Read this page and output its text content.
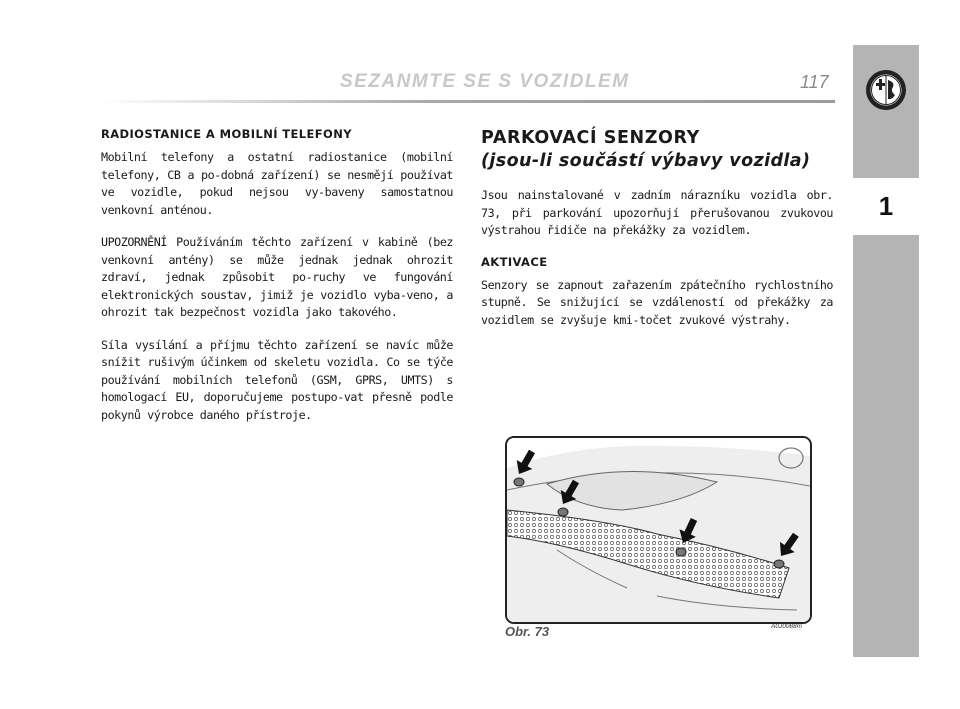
SEZANMTE SE S VOZIDLEM	117
1
RADIOSTANICE A MOBILNÍ TELEFONY

Mobilní telefony a ostatní radiostanice (mobilní telefony, CB a po-dobná zařízení) se nesmějí používat ve vozidle, pokud nejsou vy-baveny samostatnou venkovní anténou.

UPOZORNĚNÍ Používáním těchto zařízení v kabině (bez venkovní antény) se může jednak jednak ohrozit zdraví, jednak způsobit po-ruchy ve fungování elektronických soustav, jimiž je vozidlo vyba-veno, a ohrozit tak bezpečnost vozidla jako takového.

Síla vysílání a příjmu těchto zařízení se navíc může snížit rušivým účinkem od skeletu vozidla. Co se týče používání mobilních telefonů (GSM, GPRS, UMTS) s homologací EU, doporučujeme postupo-vat přesně podle pokynů výrobce daného přístroje.

PARKOVACÍ SENZORY
(jsou-li součástí výbavy vozidla)

Jsou nainstalované v zadním nárazníku vozidla obr. 73, při parkování upozorňují přerušovanou zvukovou výstrahou řidiče na překážky za vozidlem.

AKTIVACE

Senzory se zapnout zařazením zpátečního rychlostního stupně. Se snižující se vzdáleností od překážky za vozidlem se zvyšuje kmi-točet zvukové výstrahy.

Obr. 73	A0J0088m
